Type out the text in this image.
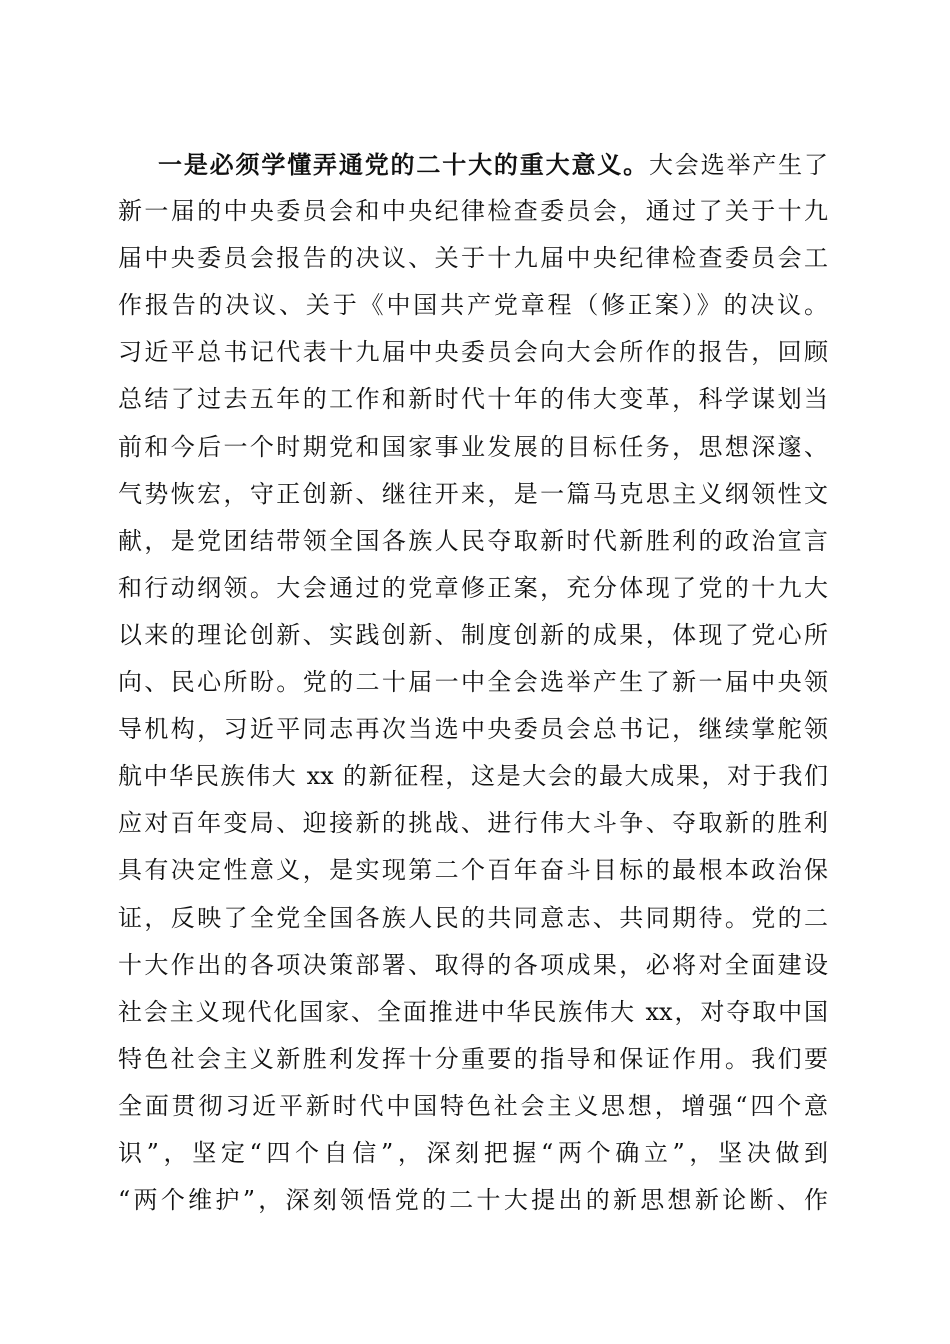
一是必须学懂弄通党的二十大的重大意义。大会选举产生了
新一届的中央委员会和中央纪律检查委员会，通过了关于十九
届中央委员会报告的决议、关于十九届中央纪律检查委员会工
作报告的决议、关于《中国共产党章程（修正案）》的决议。
习近平总书记代表十九届中央委员会向大会所作的报告，回顾
总结了过去五年的工作和新时代十年的伟大变革，科学谋划当
前和今后一个时期党和国家事业发展的目标任务，思想深邃、
气势恢宏，守正创新、继往开来，是一篇马克思主义纲领性文
献，是党团结带领全国各族人民夺取新时代新胜利的政治宣言
和行动纲领。大会通过的党章修正案，充分体现了党的十九大
以来的理论创新、实践创新、制度创新的成果，体现了党心所
向、民心所盼。党的二十届一中全会选举产生了新一届中央领
导机构，习近平同志再次当选中央委员会总书记，继续掌舵领
航中华民族伟大 xx 的新征程，这是大会的最大成果，对于我们
应对百年变局、迎接新的挑战、进行伟大斗争、夺取新的胜利
具有决定性意义，是实现第二个百年奋斗目标的最根本政治保
证，反映了全党全国各族人民的共同意志、共同期待。党的二
十大作出的各项决策部署、取得的各项成果，必将对全面建设
社会主义现代化国家、全面推进中华民族伟大 xx，对夺取中国
特色社会主义新胜利发挥十分重要的指导和保证作用。我们要
全面贯彻习近平新时代中国特色社会主义思想，增强“四个意
识”，坚定“四个自信”，深刻把握“两个确立”，坚决做到
“两个维护”，深刻领悟党的二十大提出的新思想新论断、作
